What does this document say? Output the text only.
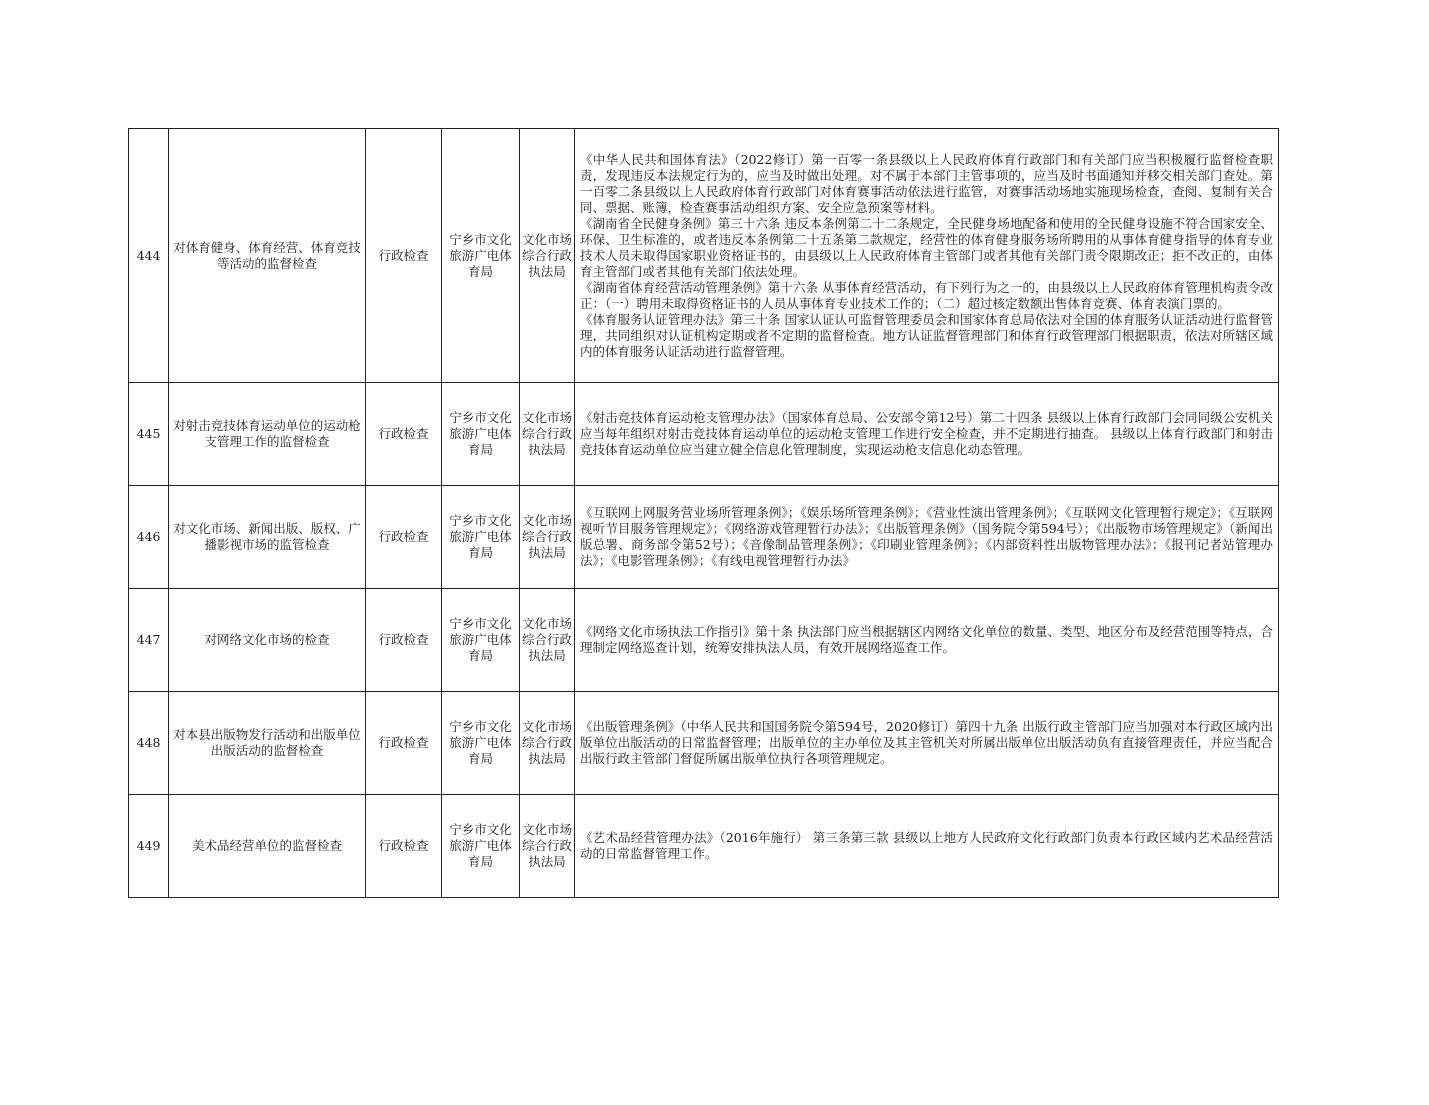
444	对体育健身、体育经营、体育竞技等活动的监督检查	行政检查	宁乡市文化旅游广电体育局	文化市场综合行政执法局	《中华人民共和国体育法》（2022修订）第一百零一条县级以上人民政府体育行政部门和有关部门应当积极履行监督检查职责，发现违反本法规定行为的，应当及时做出处理。对不属于本部门主管事项的，应当及时书面通知并移交相关部门查处。第一百零二条县级以上人民政府体育行政部门对体育赛事活动依法进行监管，对赛事活动场地实施现场检查，查阅、复制有关合同、票据、账簿，检查赛事活动组织方案、安全应急预案等材料。
《湖南省全民健身条例》第三十六条 违反本条例第二十二条规定，全民健身场地配备和使用的全民健身设施不符合国家安全、环保、卫生标准的，或者违反本条例第二十五条第二款规定，经营性的体育健身服务场所聘用的从事体育健身指导的体育专业技术人员未取得国家职业资格证书的，由县级以上人民政府体育主管部门或者其他有关部门责令限期改正；拒不改正的，由体育主管部门或者其他有关部门依法处理。
《湖南省体育经营活动管理条例》第十六条 从事体育经营活动，有下列行为之一的，由县级以上人民政府体育管理机构责令改正：（一）聘用未取得资格证书的人员从事体育专业技术工作的；（二）超过核定数额出售体育竞赛、体育表演门票的。
《体育服务认证管理办法》第三十条 国家认证认可监督管理委员会和国家体育总局依法对全国的体育服务认证活动进行监督管理，共同组织对认证机构定期或者不定期的监督检查。地方认证监督管理部门和体育行政管理部门根据职责，依法对所辖区域内的体育服务认证活动进行监督管理。

445	对射击竞技体育运动单位的运动枪支管理工作的监督检查	行政检查	宁乡市文化旅游广电体育局	文化市场综合行政执法局	《射击竞技体育运动枪支管理办法》（国家体育总局、公安部令第12号）第二十四条 县级以上体育行政部门会同同级公安机关应当每年组织对射击竞技体育运动单位的运动枪支管理工作进行安全检查，并不定期进行抽查。 县级以上体育行政部门和射击竞技体育运动单位应当建立健全信息化管理制度，实现运动枪支信息化动态管理。

446	对文化市场、新闻出版、版权、广播影视市场的监管检查	行政检查	宁乡市文化旅游广电体育局	文化市场综合行政执法局	《互联网上网服务营业场所管理条例》；《娱乐场所管理条例》；《营业性演出管理条例》；《互联网文化管理暂行规定》；《互联网视听节目服务管理规定》；《网络游戏管理暂行办法》；《出版管理条例》（国务院令第594号）；《出版物市场管理规定》（新闻出版总署、商务部令第52号）；《音像制品管理条例》；《印刷业管理条例》；《内部资料性出版物管理办法》；《报刊记者站管理办法》；《电影管理条例》；《有线电视管理暂行办法》

447	对网络文化市场的检查	行政检查	宁乡市文化旅游广电体育局	文化市场综合行政执法局	《网络文化市场执法工作指引》第十条 执法部门应当根据辖区内网络文化单位的数量、类型、地区分布及经营范围等特点，合理制定网络巡查计划，统筹安排执法人员，有效开展网络巡查工作。

448	对本县出版物发行活动和出版单位出版活动的监督检查	行政检查	宁乡市文化旅游广电体育局	文化市场综合行政执法局	《出版管理条例》（中华人民共和国国务院令第594号，2020修订）第四十九条 出版行政主管部门应当加强对本行政区域内出版单位出版活动的日常监督管理；出版单位的主办单位及其主管机关对所属出版单位出版活动负有直接管理责任，并应当配合出版行政主管部门督促所属出版单位执行各项管理规定。

449	美术品经营单位的监督检查	行政检查	宁乡市文化旅游广电体育局	文化市场综合行政执法局	《艺术品经营管理办法》（2016年施行） 第三条第三款 县级以上地方人民政府文化行政部门负责本行政区域内艺术品经营活动的日常监督管理工作。
